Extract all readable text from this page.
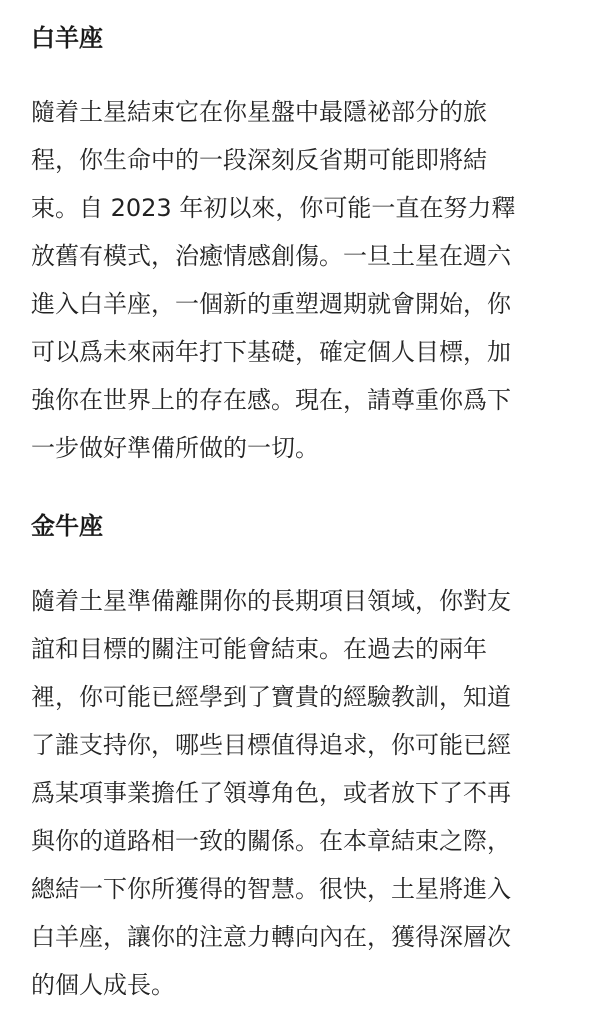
白羊座
隨着土星結束它在你星盤中最隱祕部分的旅
程，你生命中的一段深刻反省期可能即將結
束。自 2023 年初以來，你可能一直在努力釋
放舊有模式，治癒情感創傷。一旦土星在週六
進入白羊座，一個新的重塑週期就會開始，你
可以爲未來兩年打下基礎，確定個人目標，加
強你在世界上的存在感。現在，請尊重你爲下
一步做好準備所做的一切。
金牛座
隨着土星準備離開你的長期項目領域，你對友
誼和目標的關注可能會結束。在過去的兩年
裡，你可能已經學到了寶貴的經驗教訓，知道
了誰支持你，哪些目標值得追求，你可能已經
爲某項事業擔任了領導角色，或者放下了不再
與你的道路相一致的關係。在本章結束之際，
總結一下你所獲得的智慧。很快，土星將進入
白羊座，讓你的注意力轉向內在，獲得深層次
的個人成長。
